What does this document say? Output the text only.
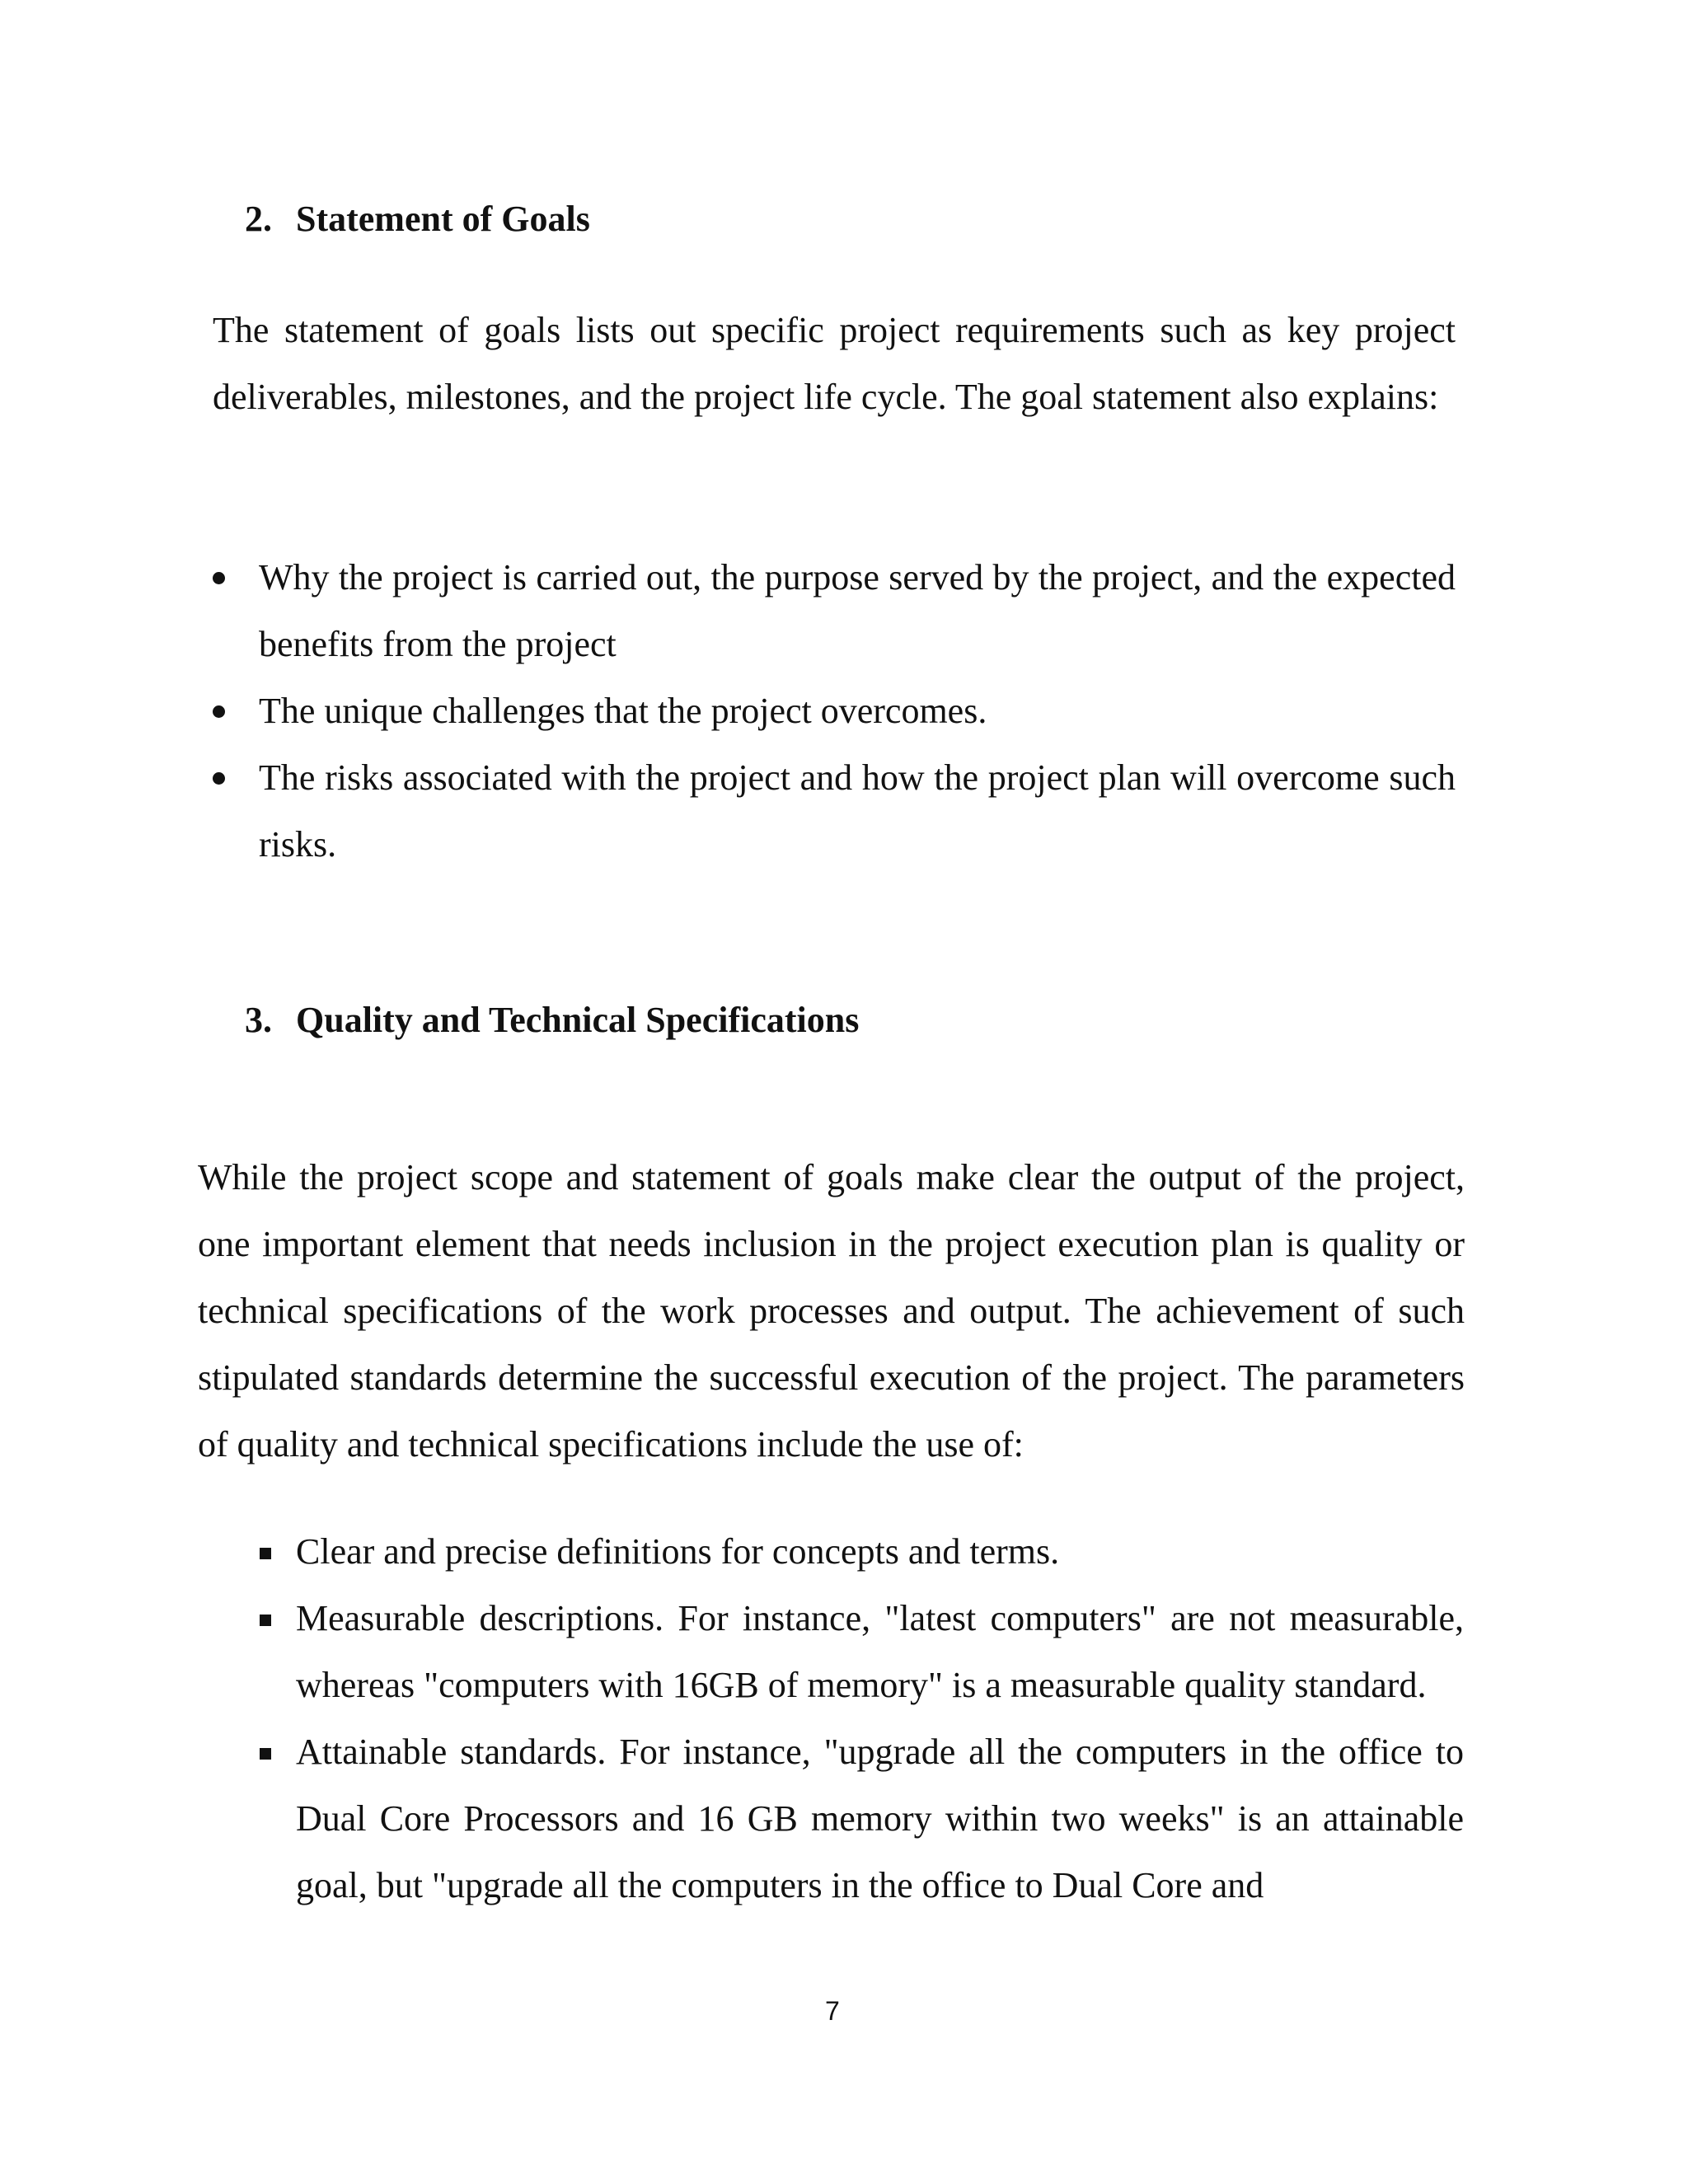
2. Statement of Goals

The statement of goals lists out specific project requirements such as key project deliverables, milestones, and the project life cycle. The goal statement also explains:

Why the project is carried out, the purpose served by the project, and the expected benefits from the project
The unique challenges that the project overcomes.
The risks associated with the project and how the project plan will overcome such risks.
3. Quality and Technical Specifications

While the project scope and statement of goals make clear the output of the project, one important element that needs inclusion in the project execution plan is quality or technical specifications of the work processes and output. The achievement of such stipulated standards determine the successful execution of the project. The parameters of quality and technical specifications include the use of:

Clear and precise definitions for concepts and terms.
Measurable descriptions. For instance, "latest computers" are not measurable, whereas "computers with 16GB of memory" is a measurable quality standard.
Attainable standards. For instance, "upgrade all the computers in the office to Dual Core Processors and 16 GB memory within two weeks" is an attainable goal, but "upgrade all the computers in the office to Dual Core and
7
